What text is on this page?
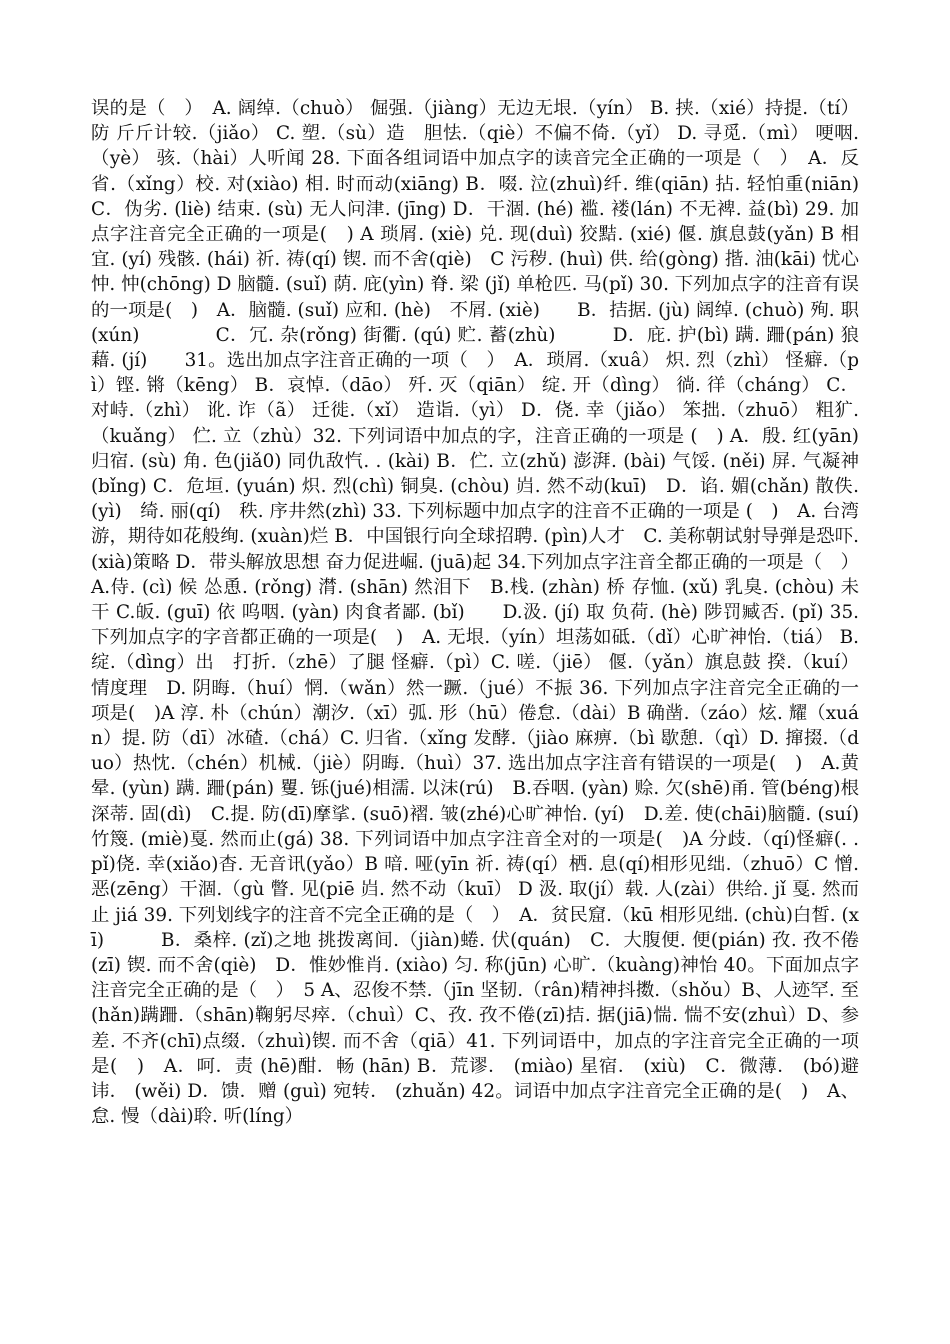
误的是（　）　A. 阔绰.（chuò） 倔强.（jiàng）无边无垠.（yín） B. 挟.（xié）持提.（tí）防 斤斤计较.（jiǎo） C. 塑.（sù）造　胆怯.（qiè）不偏不倚.（yǐ） D. 寻觅.（mì） 哽咽.（yè） 骇.（hài）人听闻 28. 下面各组词语中加点字的读音完全正确的一项是（　）　A．反省.（xǐng）校. 对(xiào) 相. 时而动(xiāng) B．啜. 泣(zhuì)纤. 维(qiān) 拈. 轻怕重(niān)　C．伪劣. (liè) 结束. (sù) 无人问津. (jīng) D．干涸. (hé) 褴. 褛(lán) 不无裨. 益(bì) 29. 加点字注音完全正确的一项是(　) A 琐屑. (xiè) 兑. 现(duì) 狡黠. (xié) 偃. 旗息鼓(yǎn) B 相宜. (yí) 残骸. (hái) 祈. 祷(qí) 锲. 而不舍(qiè)　C 污秽. (huì) 供. 给(gòng) 揩. 油(kāi) 忧心忡. 忡(chōng) D 脑髓. (suǐ) 荫. 庇(yìn) 脊. 梁 (jǐ) 单枪匹. 马(pǐ) 30. 下列加点字的注音有误的一项是(　)　A．脑髓. (suǐ) 应和. (hè)　不屑. (xiè)　　B．拮据. (jù) 阔绰. (chuò) 殉. 职(xún)　　　　C．冗. 杂(rǒng) 街衢. (qú) 贮. 蓄(zhù)　　　D．庇. 护(bì) 蹒. 跚(pán) 狼藉. (jí)　　31。选出加点字注音正确的一项（　）　A．琐屑.（xuâ） 炽. 烈（zhì） 怪癖.（pì）铿. 锵（kēng） B．哀悼.（dāo） 歼. 灭（qiān） 绽. 开（dìng） 徜. 徉（cháng） C．对峙.（zhì） 讹. 诈（ã） 迁徙.（xǐ） 造诣.（yì） D．侥. 幸（jiǎo） 笨拙.（zhuō） 粗犷.（kuǎng） 伫. 立（zhù）32. 下列词语中加点的字，注音正确的一项是 (　) A．殷. 红(yān) 归宿. (sù) 角. 色(jiǎ0) 同仇敌忾. . (kài) B．伫. 立(zhǔ) 澎湃. (bài) 气馁. (něi) 屏. 气凝神(bǐng) C．危垣. (yuán) 炽. 烈(chì) 铜臭. (chòu) 岿. 然不动(kuī)　D．谄. 媚(chǎn) 散佚. (yì)　绮. 丽(qí)　秩. 序井然(zhì) 33. 下列标题中加点字的注音不正确的一项是 (　)　A. 台湾游，期待如花般绚. (xuàn)烂 B．中国银行向全球招聘. (pìn)人才　C. 美称朝试射导弹是恐吓. (xià)策略 D．带头解放思想 奋力促进崛. (juā)起 34.下列加点字注音全都正确的一项是（　）A.侍. (cì) 候 怂恿. (rǒng) 潸. (shān) 然泪下　B.栈. (zhàn) 桥 存恤. (xǔ) 乳臭. (chòu) 未干 C.皈. (guī) 依 呜咽. (yàn) 肉食者鄙. (bǐ)　　D.汲. (jí) 取 负荷. (hè) 陟罚臧否. (pǐ) 35. 下列加点字的字音都正确的一项是(　)　A. 无垠.（yín）坦荡如砥.（dǐ）心旷神怡.（tiá） B. 绽.（dìng）出　打折.（zhē）了腿 怪癖.（pì）C. 嗟.（jiē） 偃.（yǎn）旗息鼓 揆.（kuí）情度理　D. 阴晦.（huí）惘.（wǎn）然一蹶.（jué）不振 36. 下列加点字注音完全正确的一项是(　)A 淳. 朴（chún）潮汐.（xī）弧. 形（hū）倦怠.（dài）B 确凿.（záo）炫. 耀（xuán）提. 防（dī）冰碴.（chá）C. 归省.（xǐng 发酵.（jiào 麻痹.（bì 歇憩.（qì）D. 撺掇.（duo）热忱.（chén）机械.（jiè）阴晦.（huì）37. 选出加点字注音有错误的一项是(　)　A.黄晕. (yùn) 蹒. 跚(pán) 矍. 铄(jué)相濡. 以沫(rú)　B.吞咽. (yàn) 赊. 欠(shē)甬. 管(béng)根深蒂. 固(dì)　C.提. 防(dī)摩挲. (suō)褶. 皱(zhé)心旷神怡. (yí)　D.差. 使(chāi)脑髓. (suí) 竹篾. (miè)戛. 然而止(gá) 38. 下列词语中加点字注音全对的一项是(　)A 分歧.（qí)怪癖(. . pǐ)侥. 幸(xiǎo)杳. 无音讯(yǎo）B 喑. 哑(yīn 祈. 祷(qí）栖. 息(qí)相形见绌.（zhuō）C 憎. 恶(zēng）干涸.（gù 瞥. 见(piē 岿. 然不动（kuī） D 汲. 取(jí）载. 人(zài）供给. jǐ 戛. 然而止 jiá 39. 下列划线字的注音不完全正确的是（　）　A．贫民窟.（kū 相形见绌. (chù)白皙. (xī)　　　B．桑梓. (zǐ)之地 挑拨离间.（jiàn)蜷. 伏(quán)　C．大腹便. 便(pián) 孜. 孜不倦(zī) 锲. 而不舍(qiè)　D．惟妙惟肖. (xiào) 匀. 称(jūn) 心旷.（kuàng)神怡 40。下面加点字注音完全正确的是（　）　5 A、忍俊不禁.（jīn 坚韧.（rân)精神抖擞.（shǒu）B、人迹罕. 至(hǎn)蹒跚.（shān)鞠躬尽瘁.（chuì）C、孜. 孜不倦(zī)拮. 据(jiā)惴. 惴不安(zhuì）D、参差. 不齐(chī)点缀.（zhuì)锲. 而不舍（qiā）41. 下列词语中，加点的字注音完全正确的一项是(　)　A．呵．责 (hē)酣．畅 (hān) B．荒谬． (miào) 星宿． (xiù)　C．微薄． (bó)避讳． (wěi) D．馈．赠 (guì) 宛转． (zhuǎn) 42。词语中加点字注音完全正确的是(　)　A、怠. 慢（dài)聆. 听(líng）
